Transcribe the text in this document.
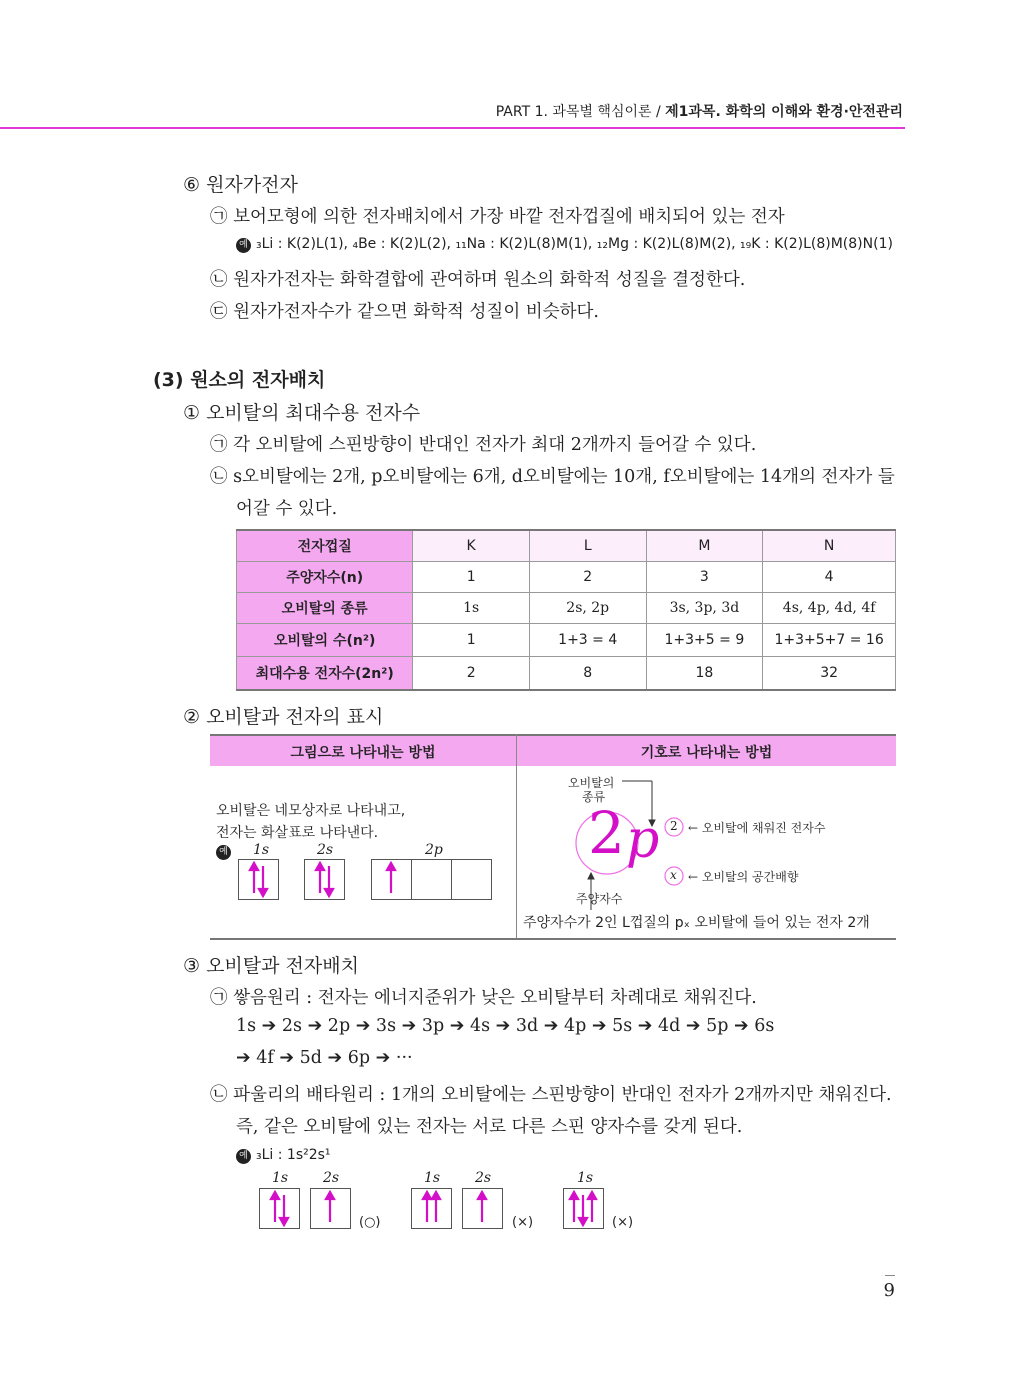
PART 1. 과목별 핵심이론 / 제1과목. 화학의 이해와 환경·안전관리
⑥ 원자가전자
㉠ 보어모형에 의한 전자배치에서 가장 바깥 전자껍질에 배치되어 있는 전자
예 ₃Li : K(2)L(1), ₄Be : K(2)L(2), ₁₁Na : K(2)L(8)M(1), ₁₂Mg : K(2)L(8)M(2), ₁₉K : K(2)L(8)M(8)N(1)
㉡ 원자가전자는 화학결합에 관여하며 원소의 화학적 성질을 결정한다.
㉢ 원자가전자수가 같으면 화학적 성질이 비슷하다.
(3) 원소의 전자배치
① 오비탈의 최대수용 전자수
㉠ 각 오비탈에 스핀방향이 반대인 전자가 최대 2개까지 들어갈 수 있다.
㉡ s오비탈에는 2개, p오비탈에는 6개, d오비탈에는 10개, f오비탈에는 14개의 전자가 들
어갈 수 있다.
전자껍질	K	L	M	N
주양자수(n)	1	2	3	4
오비탈의 종류	1s	2s, 2p	3s, 3p, 3d	4s, 4p, 4d, 4f
오비탈의 수(n²)	1	1+3 = 4	1+3+5 = 9	1+3+5+7 = 16
최대수용 전자수(2n²)	2	8	18	32
② 오비탈과 전자의 표시
그림으로 나타내는 방법	기호로 나타내는 방법
오비탈은 네모상자로 나타내고,
전자는 화살표로 나타낸다.
예 1s	2s	2p
오비탈의
종류
2 p 2 ← 오비탈에 채워진 전자수
x ← 오비탈의 공간배향
주양자수
주양자수가 2인 L껍질의 pₓ 오비탈에 들어 있는 전자 2개
③ 오비탈과 전자배치
㉠ 쌓음원리 : 전자는 에너지준위가 낮은 오비탈부터 차례대로 채워진다.
1s ➔ 2s ➔ 2p ➔ 3s ➔ 3p ➔ 4s ➔ 3d ➔ 4p ➔ 5s ➔ 4d ➔ 5p ➔ 6s
➔ 4f ➔ 5d ➔ 6p ➔ ···
㉡ 파울리의 배타원리 : 1개의 오비탈에는 스핀방향이 반대인 전자가 2개까지만 채워진다.
즉, 같은 오비탈에 있는 전자는 서로 다른 스핀 양자수를 갖게 된다.
예 ₃Li : 1s²2s¹
1s 2s
(○)
1s 2s
(×)
1s
(×)
9
